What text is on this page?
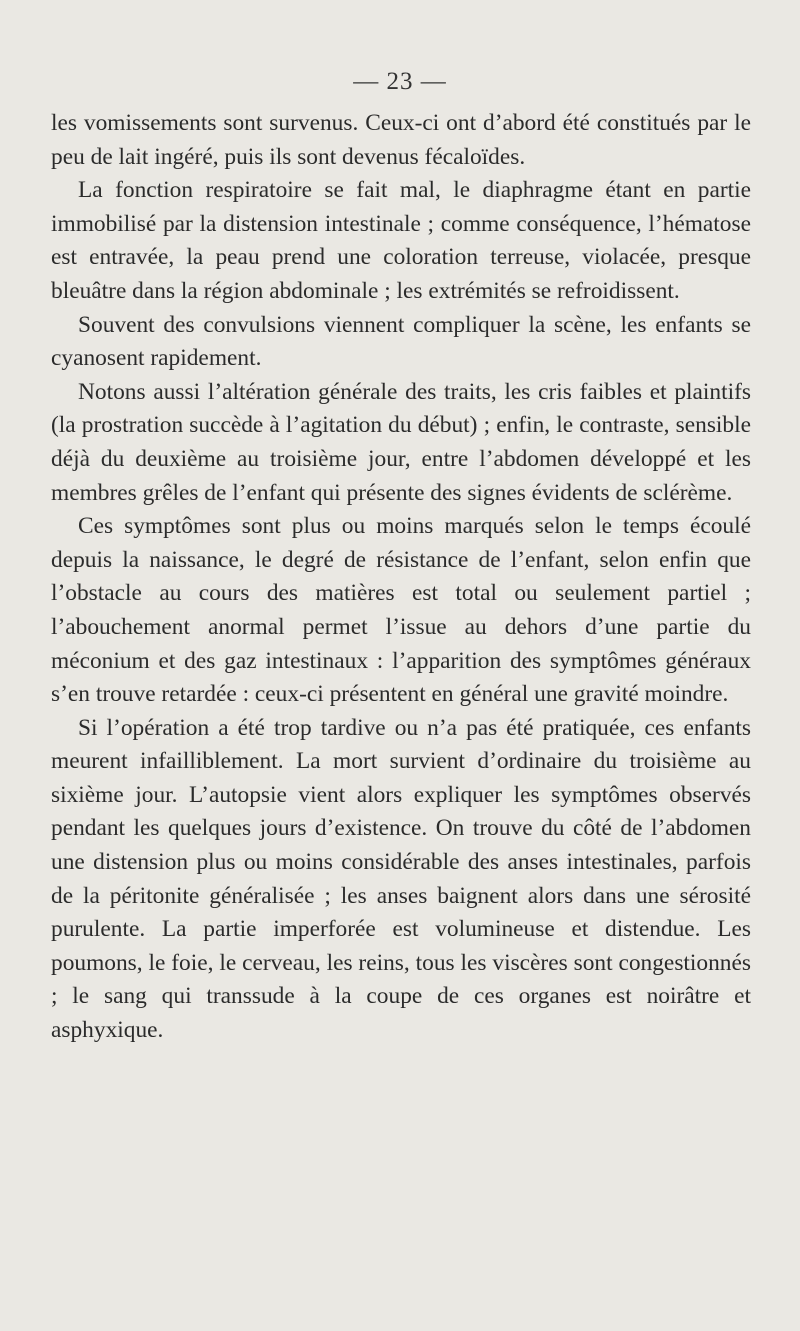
— 23 —

les vomissements sont survenus. Ceux-ci ont d’abord été constitués par le peu de lait ingéré, puis ils sont devenus fécaloïdes.

La fonction respiratoire se fait mal, le diaphragme étant en partie immobilisé par la distension intestinale ; comme conséquence, l’hématose est entravée, la peau prend une coloration terreuse, violacée, presque bleuâtre dans la région abdominale ; les extrémités se refroidissent.

Souvent des convulsions viennent compliquer la scène, les enfants se cyanosent rapidement.

Notons aussi l’altération générale des traits, les cris faibles et plaintifs (la prostration succède à l’agitation du début) ; enfin, le contraste, sensible déjà du deuxième au troisième jour, entre l’abdomen développé et les membres grêles de l’enfant qui présente des signes évidents de sclérème.

Ces symptômes sont plus ou moins marqués selon le temps écoulé depuis la naissance, le degré de résistance de l’enfant, selon enfin que l’obstacle au cours des matières est total ou seulement partiel ; l’abouchement anormal permet l’issue au dehors d’une partie du méconium et des gaz intestinaux : l’apparition des symptômes généraux s’en trouve retardée : ceux-ci présentent en général une gravité moindre.

Si l’opération a été trop tardive ou n’a pas été pratiquée, ces enfants meurent infailliblement. La mort survient d’ordinaire du troisième au sixième jour. L’autopsie vient alors expliquer les symptômes observés pendant les quelques jours d’existence. On trouve du côté de l’abdomen une distension plus ou moins considérable des anses intestinales, parfois de la péritonite généralisée ; les anses baignent alors dans une sérosité purulente. La partie imperforée est volumineuse et distendue. Les poumons, le foie, le cerveau, les reins, tous les viscères sont congestionnés ; le sang qui transsude à la coupe de ces organes est noirâtre et asphyxique.
